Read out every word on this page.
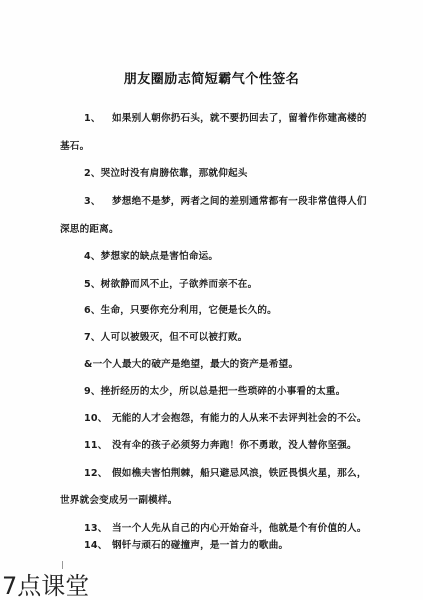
朋友圈励志简短霸气个性签名
1、 如果别人朝你扔石头，就不要扔回去了，留着作你建高楼的
基石。
2、哭泣时没有肩膀依靠，那就仰起头
3、 梦想绝不是梦，两者之间的差别通常都有一段非常值得人们
深思的距离。
4、梦想家的缺点是害怕命运。
5、树欲静而风不止，子欲养而亲不在。
6、生命，只要你充分利用，它便是长久的。
7、人可以被毁灭，但不可以被打败。
&一个人最大的破产是绝望，最大的资产是希望。
9、挫折经历的太少，所以总是把一些琐碎的小事看的太重。
10、 无能的人才会抱怨，有能力的人从来不去评判社会的不公。
11、 没有伞的孩子必须努力奔跑！你不勇敢，没人替你坚强。
12、 假如樵夫害怕荆棘，船只避忌风浪，铁匠畏惧火星，那么，
世界就会变成另一副模样。
13、 当一个人先从自己的内心开始奋斗，他就是个有价值的人。
14、 钢钎与顽石的碰撞声，是一首力的歌曲。
7点课堂
